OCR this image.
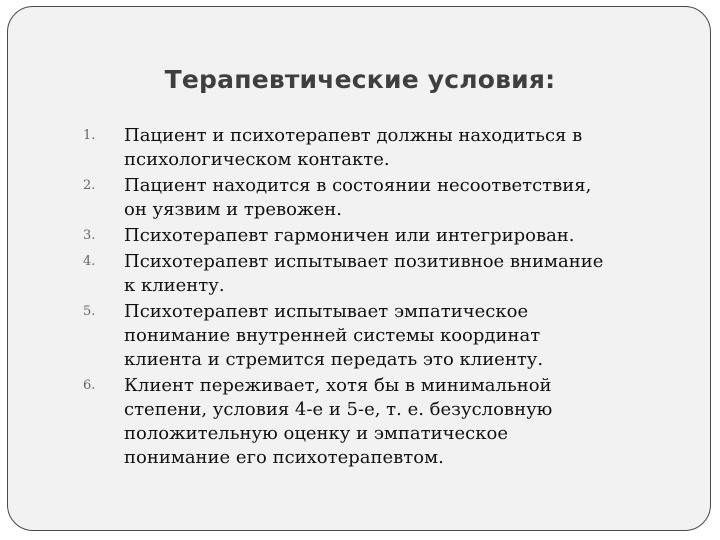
Терапевтические условия:
1. Пациент и психотерапевт должны находиться в
психологическом контакте.
2. Пациент находится в состоянии несоответствия,
он уязвим и тревожен.
3. Психотерапевт гармоничен или интегрирован.
4. Психотерапевт испытывает позитивное внимание
к клиенту.
5. Психотерапевт испытывает эмпатическое
понимание внутренней системы координат
клиента и стремится передать это клиенту.
6. Клиент переживает, хотя бы в минимальной
степени, условия 4-е и 5-е, т. е. безусловную
положительную оценку и эмпатическое
понимание его психотерапевтом.
